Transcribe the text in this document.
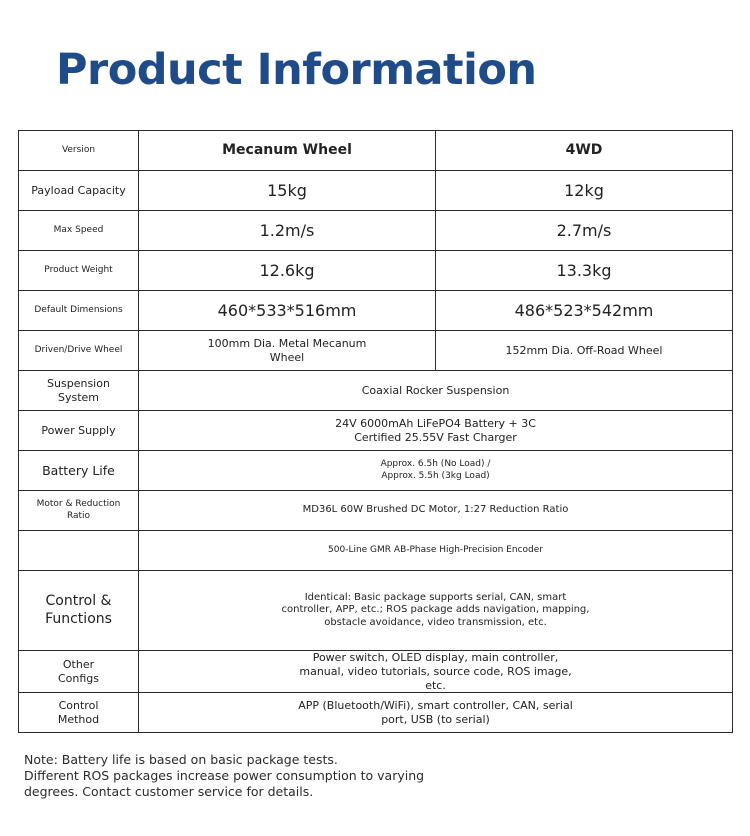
Product Information
Version	Mecanum Wheel	4WD
Payload Capacity	15kg	12kg
Max Speed	1.2m/s	2.7m/s
Product Weight	12.6kg	13.3kg
Default Dimensions	460*533*516mm	486*523*542mm
Driven/Drive Wheel	100mm Dia. Metal Mecanum Wheel	152mm Dia. Off-Road Wheel
Suspension System	Coaxial Rocker Suspension	
Power Supply	24V 6000mAh LiFePO4 Battery + 3C Certified 25.55V Fast Charger	
Battery Life	Approx. 6.5h (No Load) /
Approx. 5.5h (3kg Load)	

Motor & Reduction Ratio	MD36L 60W Brushed DC Motor, 1:27 Reduction Ratio	
	500-Line GMR AB-Phase High-Precision Encoder	
Control & Functions	Identical: Basic package supports serial, CAN, smart controller, APP, etc.; ROS package adds navigation, mapping, obstacle avoidance, video transmission, etc.	
Other Configs	Power switch, OLED display, main controller, manual, video tutorials, source code, ROS image, etc.	
Control Method	APP (Bluetooth/WiFi), smart controller, CAN, serial port, USB (to serial)	

Note: Battery life is based on basic package tests.

Different ROS packages increase power consumption to varying degrees. Contact customer service for details.
